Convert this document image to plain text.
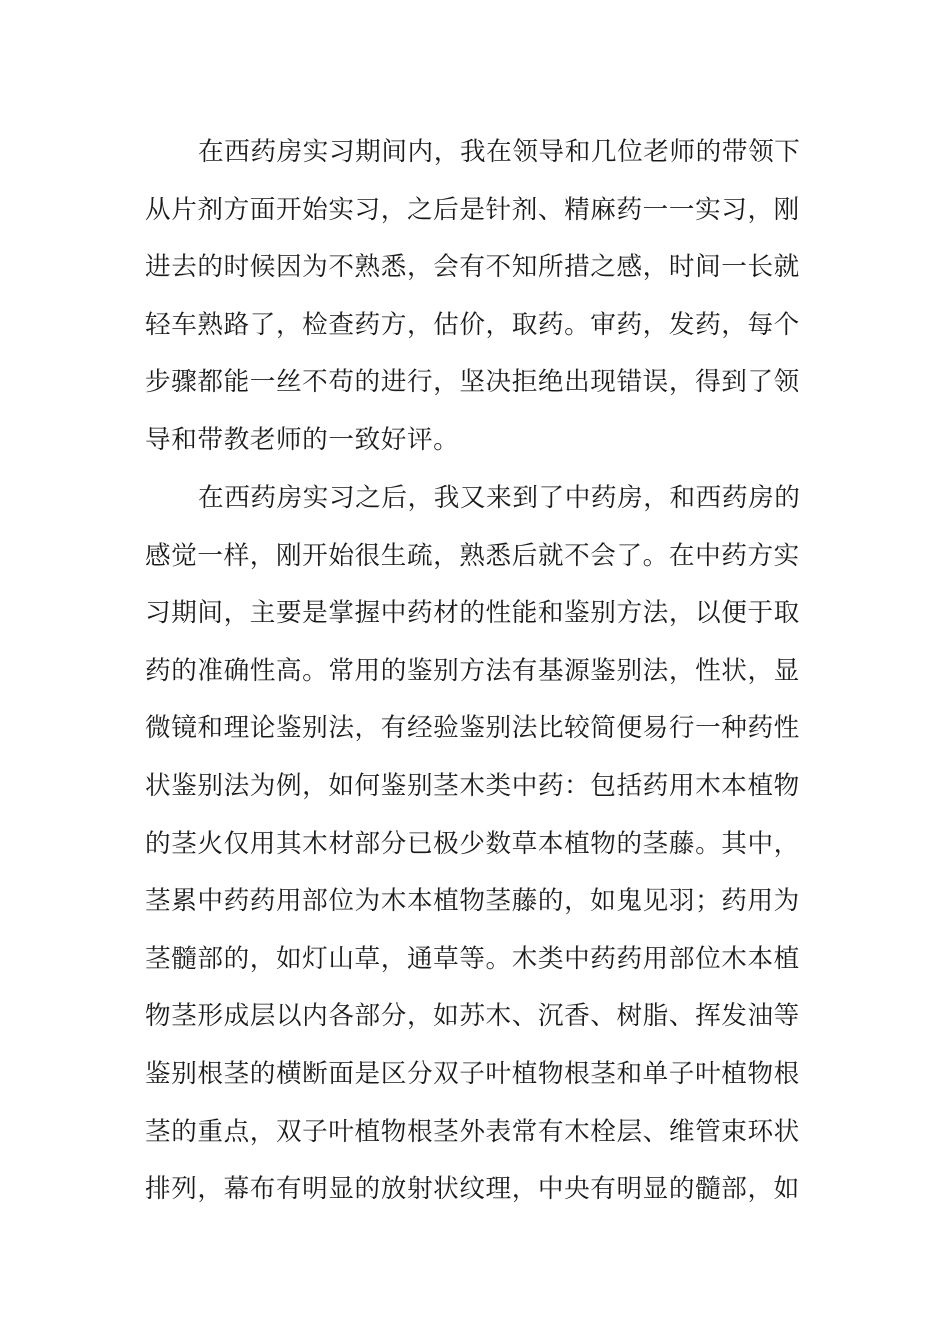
在西药房实习期间内，我在领导和几位老师的带领下
从片剂方面开始实习，之后是针剂、精麻药一一实习，刚
进去的时候因为不熟悉，会有不知所措之感，时间一长就
轻车熟路了，检查药方，估价，取药。审药，发药，每个
步骤都能一丝不苟的进行，坚决拒绝出现错误，得到了领
导和带教老师的一致好评。
在西药房实习之后，我又来到了中药房，和西药房的
感觉一样，刚开始很生疏，熟悉后就不会了。在中药方实
习期间，主要是掌握中药材的性能和鉴别方法，以便于取
药的准确性高。常用的鉴别方法有基源鉴别法，性状，显
微镜和理论鉴别法，有经验鉴别法比较简便易行一种药性
状鉴别法为例，如何鉴别茎木类中药：包括药用木本植物
的茎火仅用其木材部分已极少数草本植物的茎藤。其中，
茎累中药药用部位为木本植物茎藤的，如鬼见羽；药用为
茎髓部的，如灯山草，通草等。木类中药药用部位木本植
物茎形成层以内各部分，如苏木、沉香、树脂、挥发油等
鉴别根茎的横断面是区分双子叶植物根茎和单子叶植物根
茎的重点，双子叶植物根茎外表常有木栓层、维管束环状
排列，幕布有明显的放射状纹理，中央有明显的髓部，如
